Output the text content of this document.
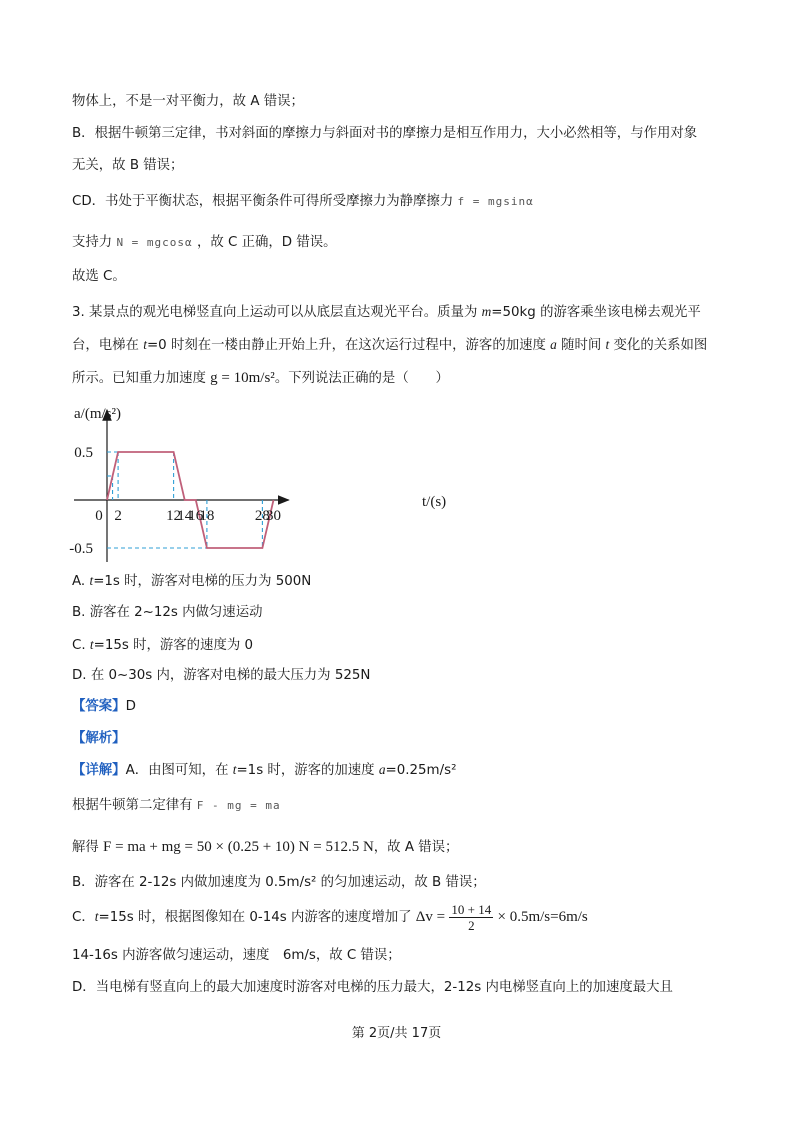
物体上，不是一对平衡力，故 A 错误；
B．根据牛顿第三定律，书对斜面的摩擦力与斜面对书的摩擦力是相互作用力，大小必然相等，与作用对象
无关，故 B 错误；
CD．书处于平衡状态，根据平衡条件可得所受摩擦力为静摩擦力 f = mgsinα
支持力 N = mgcosα ，故 C 正确，D 错误。
故选 C。
3. 某景点的观光电梯竖直向上运动可以从底层直达观光平台。质量为 m=50kg 的游客乘坐该电梯去观光平
台，电梯在 t=0 时刻在一楼由静止开始上升，在这次运行过程中，游客的加速度 a 随时间 t 变化的关系如图
所示。已知重力加速度 g = 10m/s²。下列说法正确的是（　　）
a/(m/s²)
t/(s)
0 2	12
14
16
18	28
30
0.5
-0.5
A. t=1s 时，游客对电梯的压力为 500N
B. 游客在 2~12s 内做匀速运动
C. t=15s 时，游客的速度为 0
D. 在 0~30s 内，游客对电梯的最大压力为 525N
【答案】D
【解析】
【详解】A．由图可知，在 t=1s 时，游客的加速度 a=0.25m/s²
根据牛顿第二定律有 F - mg = ma
解得 F = ma + mg = 50 × (0.25 + 10) N = 512.5 N，故 A 错误；
B．游客在 2-12s 内做加速度为 0.5m/s² 的匀加速运动，故 B 错误；
C．t=15s 时，根据图像知在 0-14s 内游客的速度增加了 $\Delta v = \frac{10 + 14}{2} \times 0.5m/s=6m/s$
14-16s 内游客做匀速运动，速度　6m/s，故 C 错误；
D．当电梯有竖直向上的最大加速度时游客对电梯的压力最大，2-12s 内电梯竖直向上的加速度最大且
第 2页/共 17页
